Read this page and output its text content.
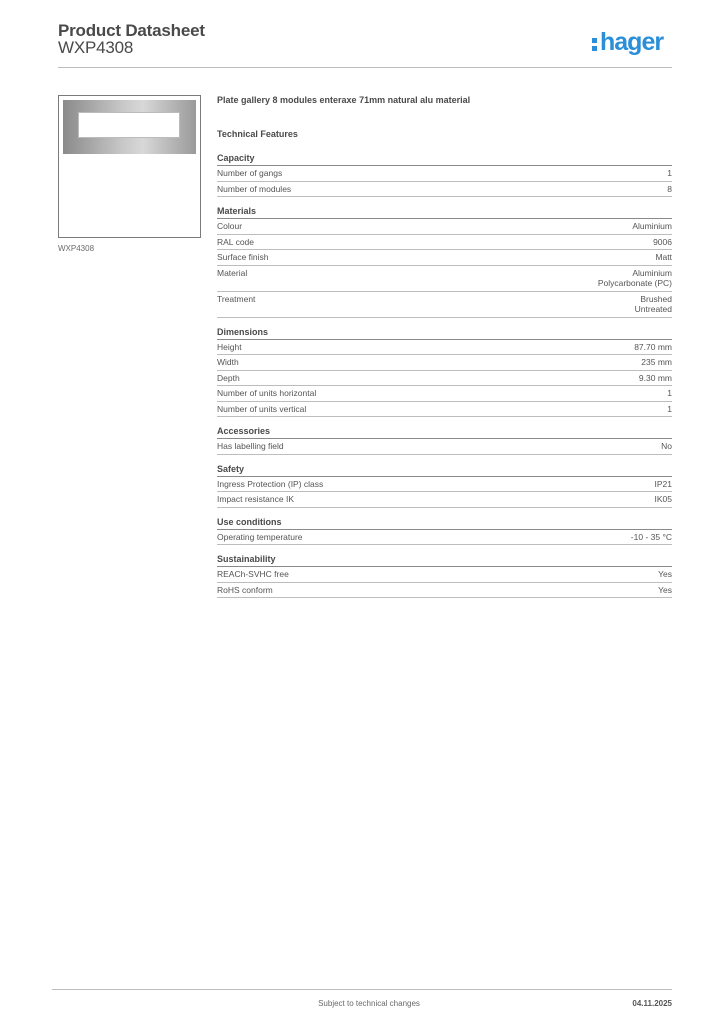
Product Datasheet
WXP4308	hager
WXP4308
Plate gallery 8 modules enteraxe 71mm natural alu material
Technical Features
Capacity
Number of gangs	1
Number of modules	8
Materials
Colour	Aluminium
RAL code	9006
Surface finish	Matt
Material	Aluminium
Polycarbonate (PC)
Treatment	Brushed
Untreated
Dimensions
Height	87.70 mm
Width	235 mm
Depth	9.30 mm
Number of units horizontal	1
Number of units vertical	1
Accessories
Has labelling field	No
Safety
Ingress Protection (IP) class	IP21
Impact resistance IK	IK05
Use conditions
Operating temperature	-10 - 35 °C
Sustainability
REACh-SVHC free	Yes
RoHS conform	Yes
Subject to technical changes	04.11.2025
